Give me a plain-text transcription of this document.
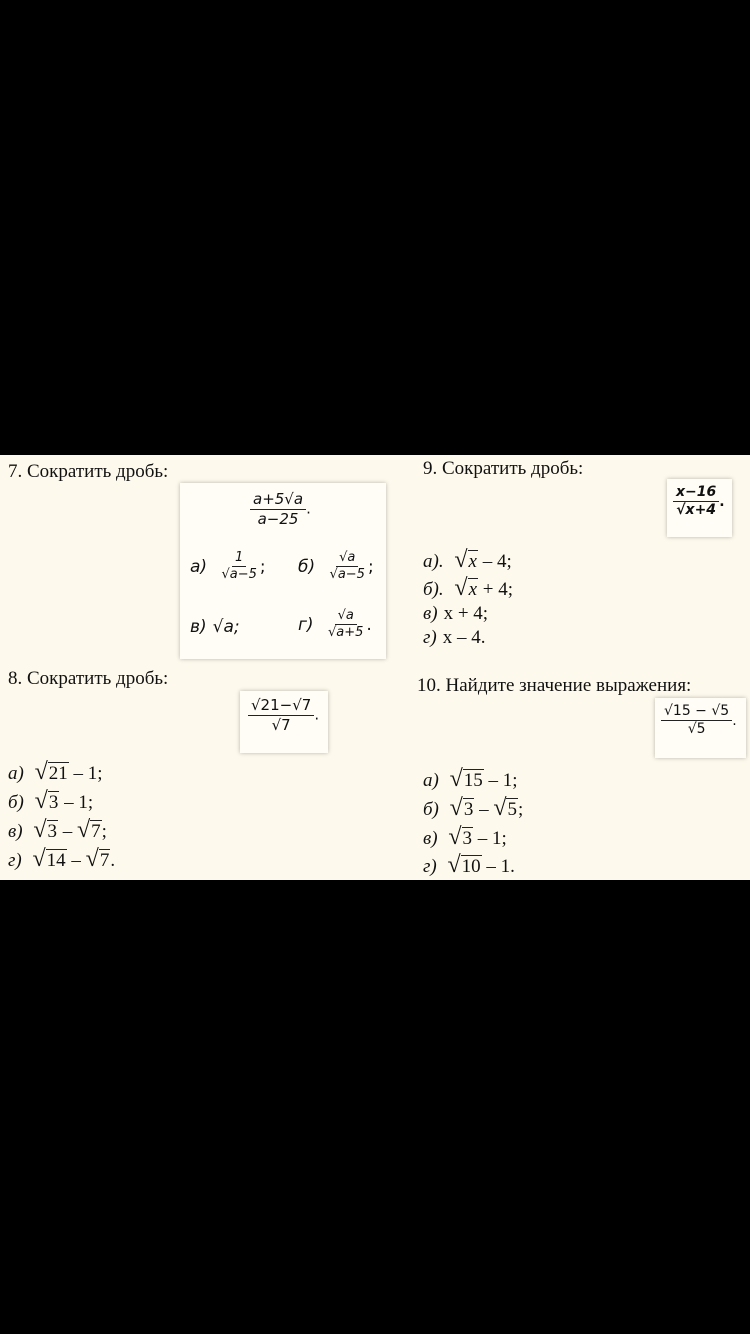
7. Сократить дробь:
$\frac{a+5√a}{a-25}$ .
$а) \frac{1}{√a-5}$ ; $б) \frac{√a}{√a-5}$ ;
в) √a;	$г) \frac{√a}{√a+5}$ .
9. Сократить дробь:
$\frac{x-16}{√x+4}$ .
а). √x – 4;
б). √x + 4;
в) x + 4;
г) x – 4.
8. Сократить дробь:
$\frac{√21-√7}{√7}$ .
а) √21 – 1;
б) √3 – 1;
в) √3 – √7;
г) √14 – √7.
10. Найдите значение выражения:
$\frac{√15 - √5}{√5}$ .
а) √15 – 1;
б) √3 – √5;
в) √3 – 1;
г) √10 – 1.
